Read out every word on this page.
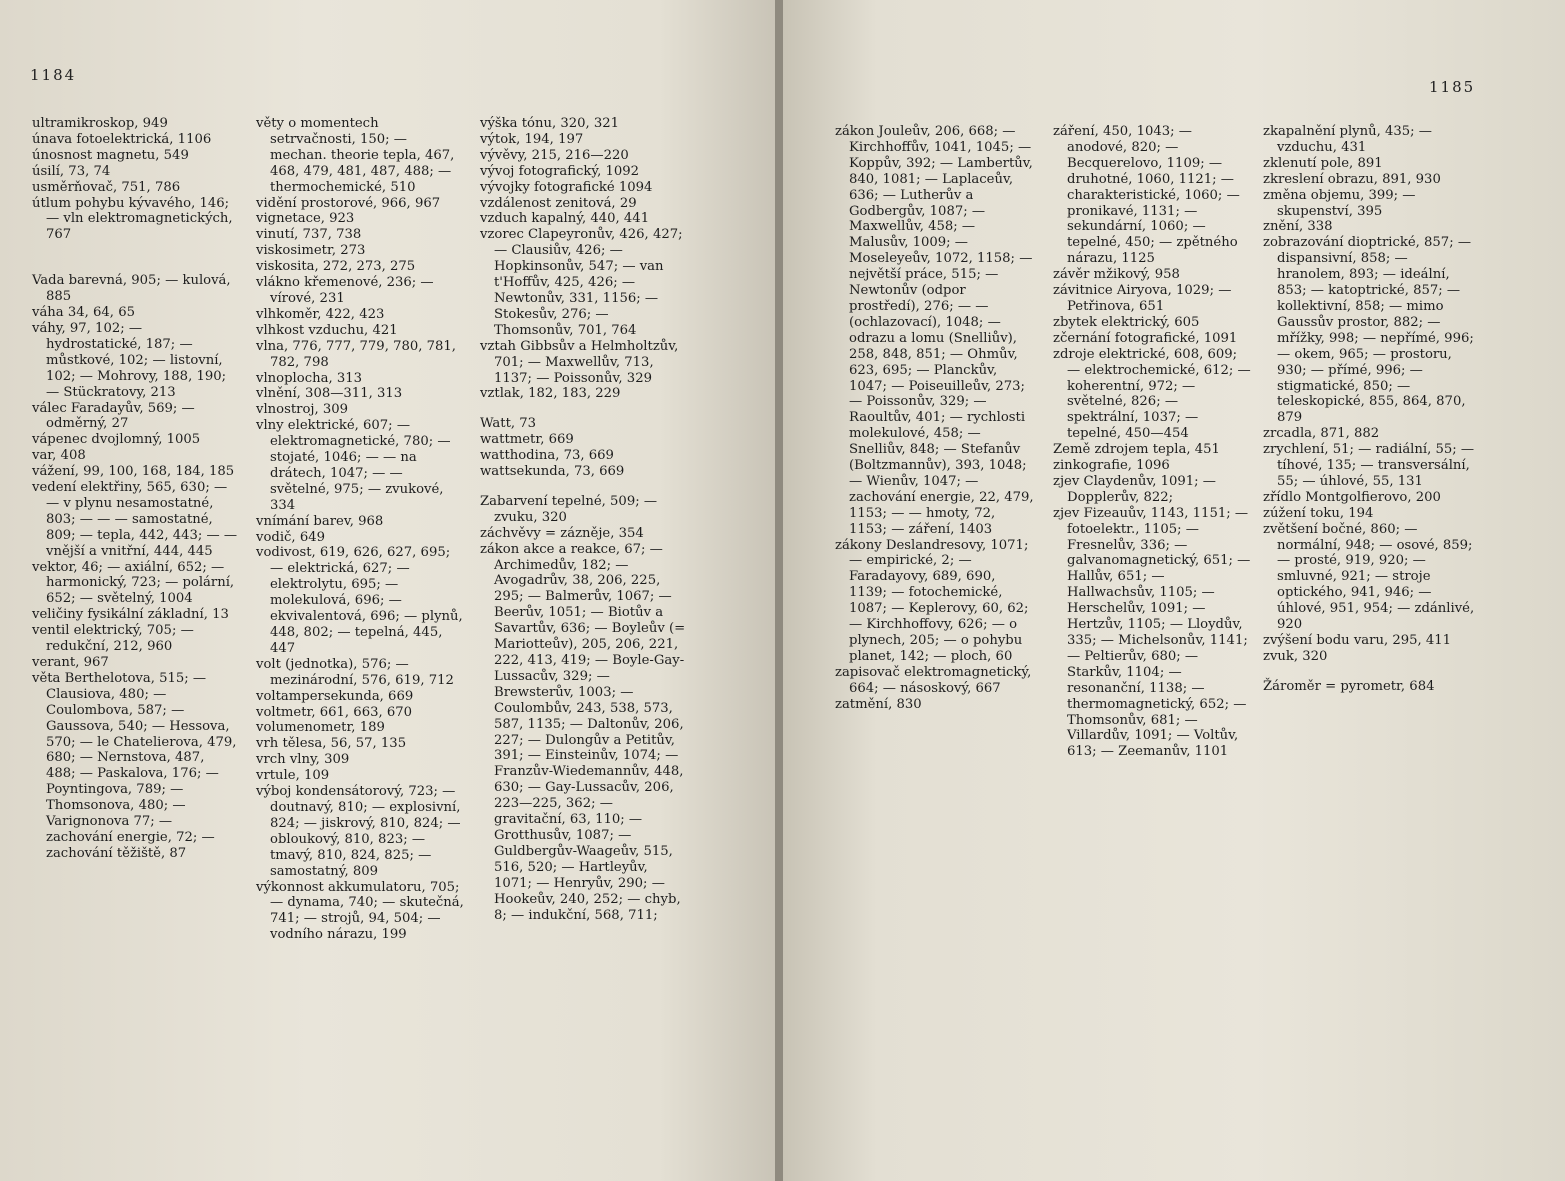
1184

ultramikroskop, 949

únava fotoelektrická, 1106

únosnost magnetu, 549

úsilí, 73, 74

usměrňovač, 751, 786

útlum pohybu kývavého, 146; — vln elektromagnetických, 767

Vada barevná, 905; — kulová, 885

váha 34, 64, 65

váhy, 97, 102; — hydrostatické, 187; — můstkové, 102; — listovní, 102; — Mohrovy, 188, 190; — Stückratovy, 213

válec Faradayův, 569; — odměrný, 27

vápenec dvojlomný, 1005

var, 408

vážení, 99, 100, 168, 184, 185

vedení elektřiny, 565, 630; — — v plynu nesamostatné, 803; — — — samostatné, 809; — tepla, 442, 443; — — vnější a vnitřní, 444, 445

vektor, 46; — axiální, 652; — harmonický, 723; — polární, 652; — světelný, 1004

veličiny fysikální základní, 13

ventil elektrický, 705; — redukční, 212, 960

verant, 967

věta Berthelotova, 515; — Clausiova, 480; — Coulombova, 587; — Gaussova, 540; — Hessova, 570; — le Chatelierova, 479, 680; — Nernstova, 487, 488; — Paskalova, 176; — Poyntingova, 789; — Thomsonova, 480; — Varignonova 77; — zachování energie, 72; — zachování těžiště, 87

věty o momentech setrvačnosti, 150; — mechan. theorie tepla, 467, 468, 479, 481, 487, 488; — thermochemické, 510

vidění prostorové, 966, 967

vignetace, 923

vinutí, 737, 738

viskosimetr, 273

viskosita, 272, 273, 275

vlákno křemenové, 236; — vírové, 231

vlhkoměr, 422, 423

vlhkost vzduchu, 421

vlna, 776, 777, 779, 780, 781, 782, 798

vlnoplocha, 313

vlnění, 308—311, 313

vlnostroj, 309

vlny elektrické, 607; — elektromagnetické, 780; — stojaté, 1046; — — na drátech, 1047; — — světelné, 975; — zvukové, 334

vnímání barev, 968

vodič, 649

vodivost, 619, 626, 627, 695; — elektrická, 627; — elektrolytu, 695; — molekulová, 696; — ekvivalentová, 696; — plynů, 448, 802; — tepelná, 445, 447

volt (jednotka), 576; — mezinárodní, 576, 619, 712

voltampersekunda, 669

voltmetr, 661, 663, 670

volumenometr, 189

vrh tělesa, 56, 57, 135

vrch vlny, 309

vrtule, 109

výboj kondensátorový, 723; — doutnavý, 810; — explosivní, 824; — jiskrový, 810, 824; — obloukový, 810, 823; — tmavý, 810, 824, 825; — samostatný, 809

výkonnost akkumulatoru, 705; — dynama, 740; — skutečná, 741; — strojů, 94, 504; — vodního nárazu, 199

výška tónu, 320, 321

výtok, 194, 197

vývěvy, 215, 216—220

vývoj fotografický, 1092

vývojky fotografické 1094

vzdálenost zenitová, 29

vzduch kapalný, 440, 441

vzorec Clapeyronův, 426, 427; — Clausiův, 426; — Hopkinsonův, 547; — van t'Hoffův, 425, 426; — Newtonův, 331, 1156; — Stokesův, 276; — Thomsonův, 701, 764

vztah Gibbsův a Helmholtzův, 701; — Maxwellův, 713, 1137; — Poissonův, 329

vztlak, 182, 183, 229

Watt, 73

wattmetr, 669

watthodina, 73, 669

wattsekunda, 73, 669

Zabarvení tepelné, 509; — zvuku, 320

záchvěvy = zázněje, 354

zákon akce a reakce, 67; — Archimedův, 182; — Avogadrův, 38, 206, 225, 295; — Balmerův, 1067; — Beerův, 1051; — Biotův a Savartův, 636; — Boyleův (= Mariotteův), 205, 206, 221, 222, 413, 419; — Boyle-Gay-Lussacův, 329; — Brewsterův, 1003; — Coulombův, 243, 538, 573, 587, 1135; — Daltonův, 206, 227; — Dulongův a Petitův, 391; — Einsteinův, 1074; — Franzův-Wiedemannův, 448, 630; — Gay-Lussacův, 206, 223—225, 362; — gravitační, 63, 110; — Grotthusův, 1087; — Guldbergův-Waageův, 515, 516, 520; — Hartleyův, 1071; — Henryův, 290; — Hookeův, 240, 252; — chyb, 8; — indukční, 568, 711;

1185

zákon Jouleův, 206, 668; — Kirchhoffův, 1041, 1045; — Koppův, 392; — Lambertův, 840, 1081; — Laplaceův, 636; — Lutherův a Godbergův, 1087; — Maxwellův, 458; — Malusův, 1009; — Moseleyeův, 1072, 1158; — největší práce, 515; — Newtonův (odpor prostředí), 276; — — (ochlazovací), 1048; — odrazu a lomu (Snelliův), 258, 848, 851; — Ohmův, 623, 695; — Planckův, 1047; — Poiseuilleův, 273; — Poissonův, 329; — Raoultův, 401; — rychlosti molekulové, 458; — Snelliův, 848; — Stefanův (Boltzmannův), 393, 1048; — Wienův, 1047; — zachování energie, 22, 479, 1153; — — hmoty, 72, 1153; — záření, 1403

zákony Deslandresovy, 1071; — empirické, 2; — Faradayovy, 689, 690, 1139; — fotochemické, 1087; — Keplerovy, 60, 62; — Kirchhoffovy, 626; — o plynech, 205; — o pohybu planet, 142; — ploch, 60

zapisovač elektromagnetický, 664; — násoskový, 667

zatmění, 830

záření, 450, 1043; — anodové, 820; — Becquerelovo, 1109; — druhotné, 1060, 1121; — charakteristické, 1060; — pronikavé, 1131; — sekundární, 1060; — tepelné, 450; — zpětného nárazu, 1125

závěr mžikový, 958

závitnice Airyova, 1029; — Petřinova, 651

zbytek elektrický, 605

zčernání fotografické, 1091

zdroje elektrické, 608, 609; — elektrochemické, 612; — koherentní, 972; — světelné, 826; — spektrální, 1037; — tepelné, 450—454

Země zdrojem tepla, 451

zinkografie, 1096

zjev Claydenův, 1091; — Dopplerův, 822;

zjev Fizeauův, 1143, 1151; — fotoelektr., 1105; — Fresnelův, 336; — galvanomagnetický, 651; — Hallův, 651; — Hallwachsův, 1105; — Herschelův, 1091; — Hertzův, 1105; — Lloydův, 335; — Michelsonův, 1141; — Peltierův, 680; — Starkův, 1104; — resonanční, 1138; — thermomagnetický, 652; — Thomsonův, 681; — Villardův, 1091; — Voltův, 613; — Zeemanův, 1101

zkapalnění plynů, 435; — vzduchu, 431

zklenutí pole, 891

zkreslení obrazu, 891, 930

změna objemu, 399; — skupenství, 395

znění, 338

zobrazování dioptrické, 857; — dispansivní, 858; — hranolem, 893; — ideální, 853; — katoptrické, 857; — kollektivní, 858; — mimo Gaussův prostor, 882; — mřížky, 998; — nepřímé, 996; — okem, 965; — prostoru, 930; — přímé, 996; — stigmatické, 850; — teleskopické, 855, 864, 870, 879

zrcadla, 871, 882

zrychlení, 51; — radiální, 55; — tíhové, 135; — transversální, 55; — úhlové, 55, 131

zřídlo Montgolfierovo, 200

zúžení toku, 194

zvětšení bočné, 860; — normální, 948; — osové, 859; — prosté, 919, 920; — smluvné, 921; — stroje optického, 941, 946; — úhlové, 951, 954; — zdánlivé, 920

zvýšení bodu varu, 295, 411

zvuk, 320

Žároměr = pyrometr, 684
